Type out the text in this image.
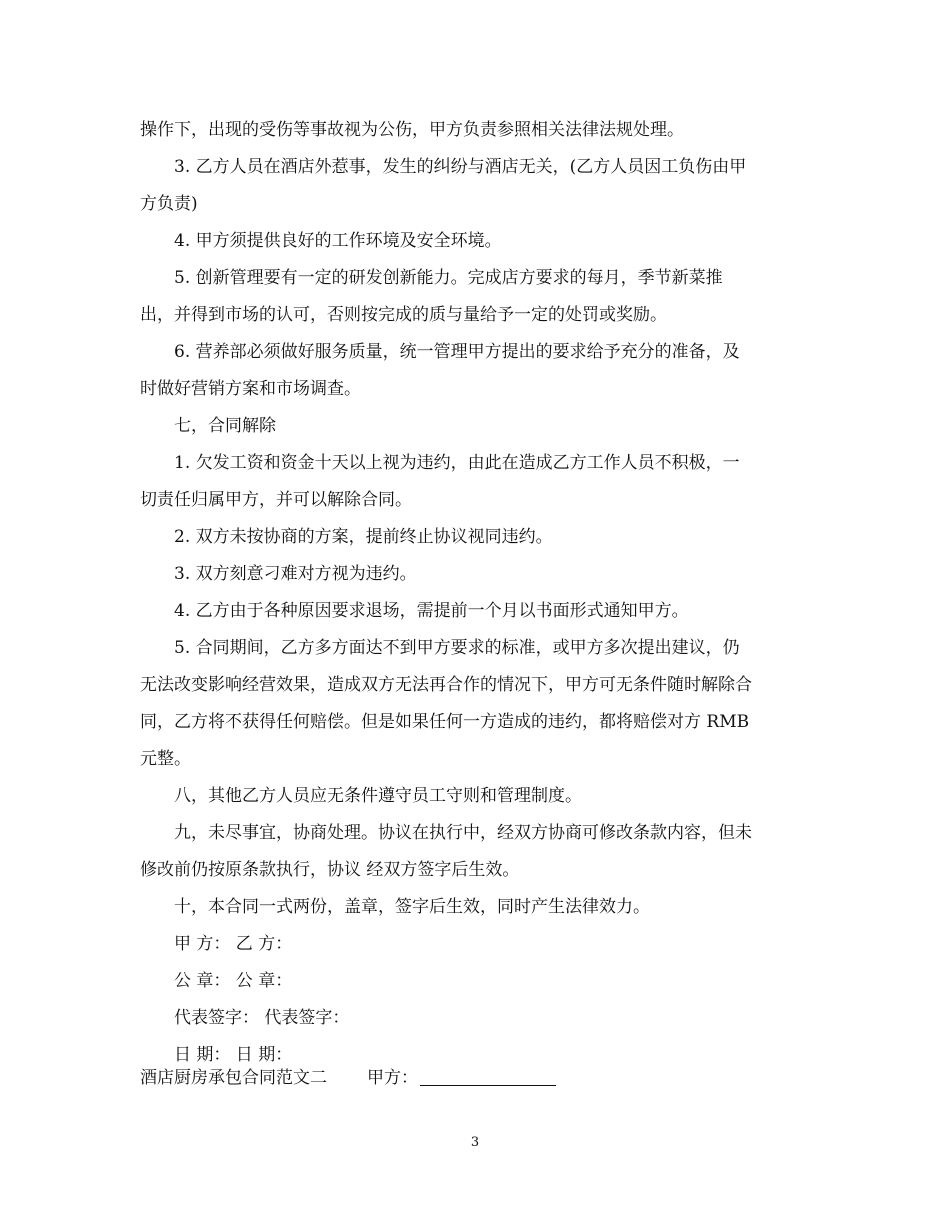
操作下，出现的受伤等事故视为公伤，甲方负责参照相关法律法规处理。
3. 乙方人员在酒店外惹事，发生的纠纷与酒店无关，(乙方人员因工负伤由甲
方负责)
4. 甲方须提供良好的工作环境及安全环境。
5. 创新管理要有一定的研发创新能力。完成店方要求的每月，季节新菜推
出，并得到市场的认可，否则按完成的质与量给予一定的处罚或奖励。
6. 营养部必须做好服务质量，统一管理甲方提出的要求给予充分的准备，及
时做好营销方案和市场调查。
七，合同解除
1. 欠发工资和资金十天以上视为违约，由此在造成乙方工作人员不积极，一
切责任归属甲方，并可以解除合同。
2. 双方未按协商的方案，提前终止协议视同违约。
3. 双方刻意刁难对方视为违约。
4. 乙方由于各种原因要求退场，需提前一个月以书面形式通知甲方。
5. 合同期间，乙方多方面达不到甲方要求的标准，或甲方多次提出建议，仍
无法改变影响经营效果，造成双方无法再合作的情况下，甲方可无条件随时解除合
同，乙方将不获得任何赔偿。但是如果任何一方造成的违约，都将赔偿对方 RMB
元整。
八，其他乙方人员应无条件遵守员工守则和管理制度。
九，未尽事宜，协商处理。协议在执行中，经双方协商可修改条款内容，但未
修改前仍按原条款执行，协议 经双方签字后生效。
十，本合同一式两份，盖章，签字后生效，同时产生法律效力。
甲 方： 乙 方：
公 章： 公 章：
代表签字： 代表签字：
日 期： 日 期：
酒店厨房承包合同范文二 甲方：
3
